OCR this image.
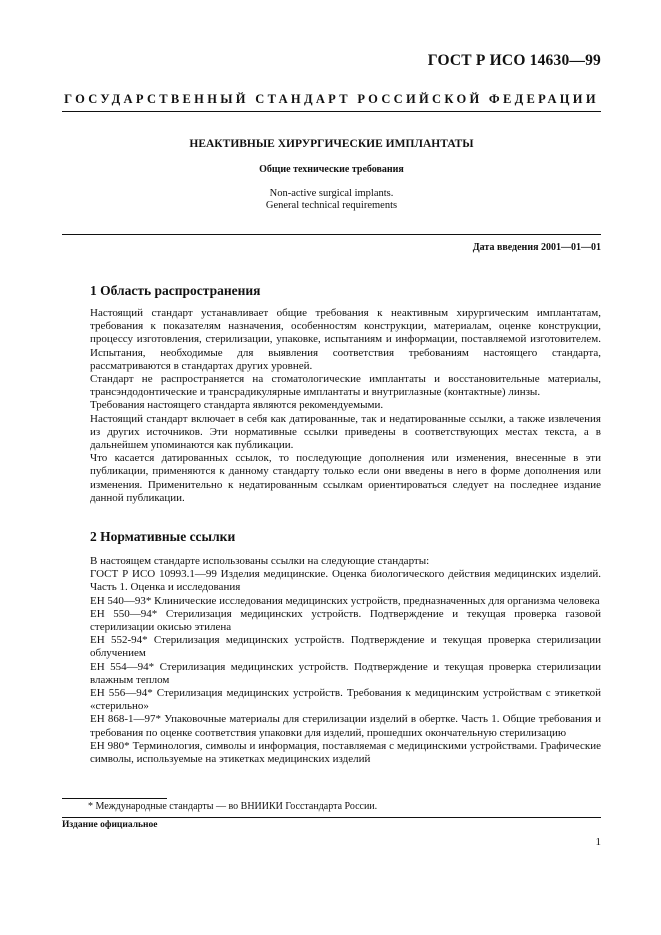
ГОСТ Р ИСО 14630—99
ГОСУДАРСТВЕННЫЙ СТАНДАРТ РОССИЙСКОЙ ФЕДЕРАЦИИ
НЕАКТИВНЫЕ ХИРУРГИЧЕСКИЕ ИМПЛАНТАТЫ
Общие технические требования
Non-active surgical implants.
General technical requirements
Дата введения 2001—01—01
1 Область распространения

Настоящий стандарт устанавливает общие требования к неактивным хирургическим имплантатам, требования к показателям назначения, особенностям конструкции, материалам, оценке конструкции, процессу изготовления, стерилизации, упаковке, испытаниям и информации, поставляемой изготовителем. Испытания, необходимые для выявления соответствия требованиям настоящего стандарта, рассматриваются в стандартах других уровней.

Стандарт не распространяется на стоматологические имплантаты и восстановительные материалы, трансэндодонтические и трансрадикулярные имплантаты и внутриглазные (контактные) линзы.

Требования настоящего стандарта являются рекомендуемыми.

Настоящий стандарт включает в себя как датированные, так и недатированные ссылки, а также извлечения из других источников. Эти нормативные ссылки приведены в соответствующих местах текста, а в дальнейшем упоминаются как публикации.

Что касается датированных ссылок, то последующие дополнения или изменения, внесенные в эти публикации, применяются к данному стандарту только если они введены в него в форме дополнения или изменения. Применительно к недатированным ссылкам ориентироваться следует на последнее издание данной публикации.

2 Нормативные ссылки

В настоящем стандарте использованы ссылки на следующие стандарты:

ГОСТ Р ИСО 10993.1—99 Изделия медицинские. Оценка биологического действия медицинских изделий. Часть 1. Оценка и исследования

ЕН 540—93* Клинические исследования медицинских устройств, предназначенных для организма человека

ЕН 550—94* Стерилизация медицинских устройств. Подтверждение и текущая проверка газовой стерилизации окисью этилена

ЕН 552-94* Стерилизация медицинских устройств. Подтверждение и текущая проверка стерилизации облучением

ЕН 554—94* Стерилизация медицинских устройств. Подтверждение и текущая проверка стерилизации влажным теплом

ЕН 556—94* Стерилизация медицинских устройств. Требования к медицинским устройствам с этикеткой «стерильно»

ЕН 868-1—97* Упаковочные материалы для стерилизации изделий в обертке. Часть 1. Общие требования и требования по оценке соответствия упаковки для изделий, прошедших окончательную стерилизацию

ЕН 980* Терминология, символы и информация, поставляемая с медицинскими устройствами. Графические символы, используемые на этикетках медицинских изделий

* Международные стандарты — во ВНИИКИ Госстандарта России.
Издание официальное
1
